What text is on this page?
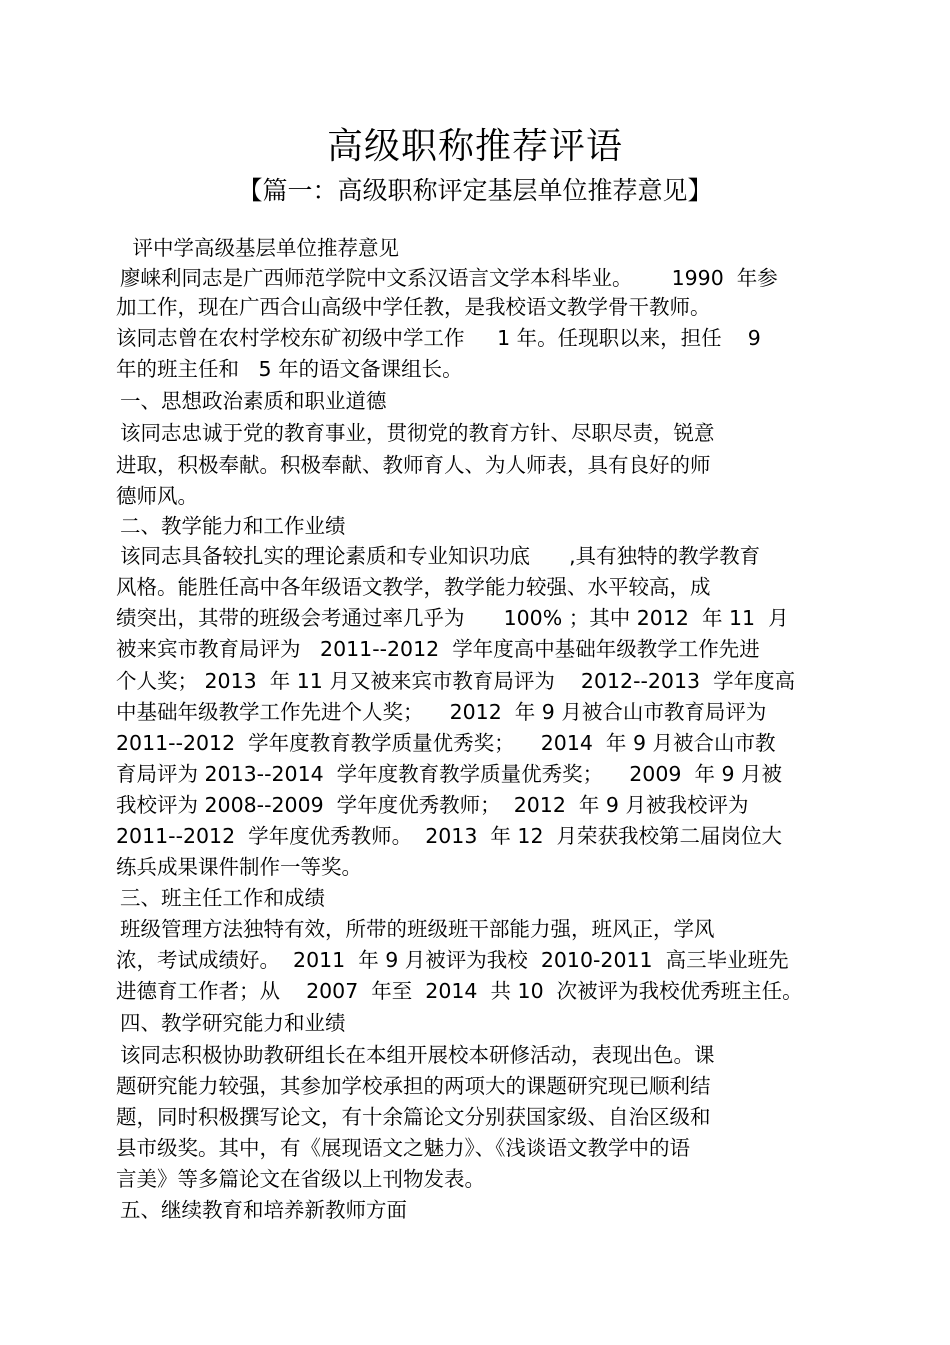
高级职称推荐评语
【篇一：高级职称评定基层单位推荐意见】
评中学高级基层单位推荐意见
廖崃利同志是广西师范学院中文系汉语言文学本科毕业。      1990  年参
加工作，现在广西合山高级中学任教，是我校语文教学骨干教师。
该同志曾在农村学校东矿初级中学工作     1 年。任现职以来，担任    9
年的班主任和   5 年的语文备课组长。
一、思想政治素质和职业道德
该同志忠诚于党的教育事业，贯彻党的教育方针、尽职尽责，锐意
进取，积极奉献。积极奉献、教师育人、为人师表，具有良好的师
德师风。
二、教学能力和工作业绩
该同志具备较扎实的理论素质和专业知识功底      ,具有独特的教学教育
风格。能胜任高中各年级语文教学，教学能力较强、水平较高，成
绩突出，其带的班级会考通过率几乎为      100% ；其中 2012  年 11  月
被来宾市教育局评为   2011--2012  学年度高中基础年级教学工作先进
个人奖； 2013  年 11 月又被来宾市教育局评为    2012--2013  学年度高
中基础年级教学工作先进个人奖；    2012  年 9 月被合山市教育局评为
2011--2012  学年度教育教学质量优秀奖；    2014  年 9 月被合山市教
育局评为 2013--2014  学年度教育教学质量优秀奖；    2009  年 9 月被
我校评为 2008--2009  学年度优秀教师；  2012  年 9 月被我校评为
2011--2012  学年度优秀教师。  2013  年 12  月荣获我校第二届岗位大
练兵成果课件制作一等奖。
三、班主任工作和成绩
班级管理方法独特有效，所带的班级班干部能力强，班风正，学风
浓，考试成绩好。  2011  年 9 月被评为我校  2010-2011  高三毕业班先
进德育工作者；从    2007  年至  2014  共 10  次被评为我校优秀班主任。
四、教学研究能力和业绩
该同志积极协助教研组长在本组开展校本研修活动，表现出色。课
题研究能力较强，其参加学校承担的两项大的课题研究现已顺利结
题，同时积极撰写论文，有十余篇论文分别获国家级、自治区级和
县市级奖。其中，有《展现语文之魅力》、《浅谈语文教学中的语
言美》等多篇论文在省级以上刊物发表。
五、继续教育和培养新教师方面
